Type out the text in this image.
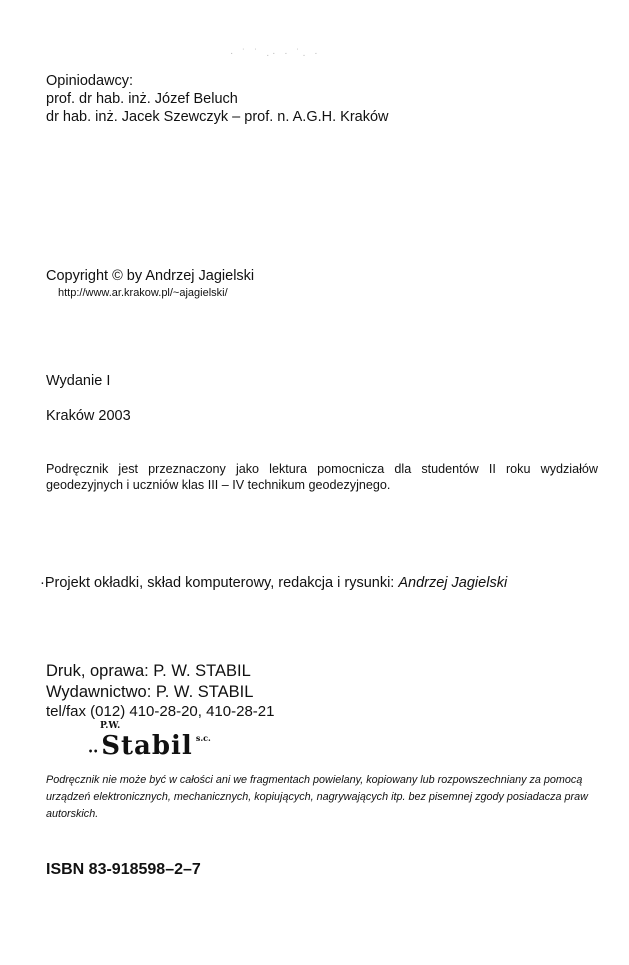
Opiniodawcy:
prof. dr hab. inż. Józef Beluch
dr hab. inż. Jacek Szewczyk – prof. n. A.G.H. Kraków
· ˙ ˙ .· · ˙. ·
Copyright © by Andrzej Jagielski
http://www.ar.krakow.pl/~ajagielski/
Wydanie I
Kraków 2003
Podręcznik jest przeznaczony jako lektura pomocnicza dla studentów II roku wydziałów geodezyjnych i uczniów klas III – IV technikum geodezyjnego.
·Projekt okładki, skład komputerowy, redakcja i rysunki: Andrzej Jagielski
Druk, oprawa: P. W. STABIL
Wydawnictwo: P. W. STABIL
tel/fax (012) 410-28-20, 410-28-21
P.W.
•• Stabil s.c.
Podręcznik nie może być w całości ani we fragmentach powielany, kopiowany lub rozpowszechniany za pomocą urządzeń elektronicznych, mechanicznych, kopiujących, nagrywających itp. bez pisemnej zgody posiadacza praw autorskich.
ISBN 83-918598–2–7
